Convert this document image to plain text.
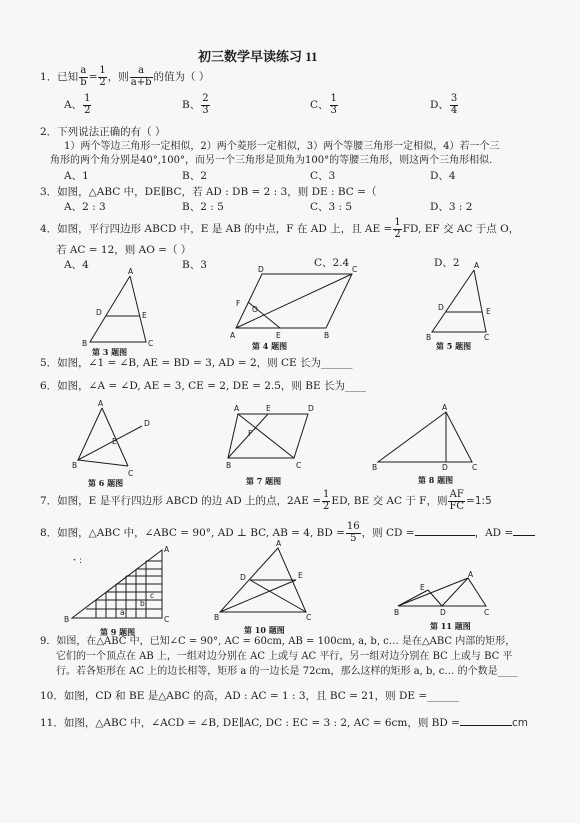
初三数学早读练习 11
1．已知 $\frac{a}{b} = \frac{1}{2}$ ，则 $\frac{a}{a+b}$ 的值为（ ）
A、 $\frac{1}{2}$	B、 $\frac{2}{3}$	C、 $\frac{1}{3}$	D、 $\frac{3}{4}$
2．下列说法正确的有（ ）
1）两个等边三角形一定相似，2）两个菱形一定相似，3）两个等腰三角形一定相似，4）若一个三
角形的两个角分别是40°,100°，而另一个三角形是顶角为100°的等腰三角形，则这两个三角形相似.
A、1	B、2	C、3	D、4
3．如图，△ABC 中，DE∥BC，若 AD : DB = 2 : 3，则 DE : BC =（
A、2 : 3	B、2 : 5	C、3 : 5	D、3 : 2
4．如图，平行四边形 ABCD 中，E 是 AB 的中点，F 在 AD 上，且 AE = $\frac{1}{2}$ FD, EF 交 AC 于点 O，
若 AC = 12，则 AO =（ ）
A、4	B、3	C、2.4	D、2
A
D	E
B	C
第 3 题图
D	C
F
O
A	E	B
第 4 题图
A
D	E
B	C
第 5 题图
5．如图，∠1 = ∠B, AE = BD = 3, AD = 2，则 CE 长为______
6．如图，∠A = ∠D, AE = 3, CE = 2, DE = 2.5，则 BE 长为____
A
D
E
B
C
第 6 题图
A	E	D
F
B	C
第 7 题图
A
B	D	C
第 8 题图
7．如图，E 是平行四边形 ABCD 的边 AD 上的点，$2AE = \frac{1}{2}$ ED, BE 交 AC 于 F，则 $\frac{AF}{FC}$ =1:5
8．如图，△ABC 中，∠ABC = 90°, AD ⊥ BC, AB = 4, BD = $\frac{16}{5}$ ，则 CD =	，AD =
・:
A
B	C
a
b
c
第 9 题图
A
D	E
B	C
第 10 题图
A
E
B	D	C
第 11 题图
9．如图，在△ABC 中，已知∠C = 90°, AC = 60cm, AB = 100cm, a, b, c… 是在△ABC 内部的矩形，
它们的一个顶点在 AB 上，一组对边分别在 AC 上或与 AC 平行，另一组对边分别在 BC 上或与 BC 平
行。若各矩形在 AC 上的边长相等，矩形 a 的一边长是 72cm，那么这样的矩形 a, b, c… 的个数是____
10．如图，CD 和 BE 是△ABC 的高，AD : AC = 1 : 3，且 BC = 21，则 DE =______
11．如图，△ABC 中，∠ACD = ∠B, DE∥AC, DC : EC = 3 : 2, AC = 6cm，则 BD =	cm
